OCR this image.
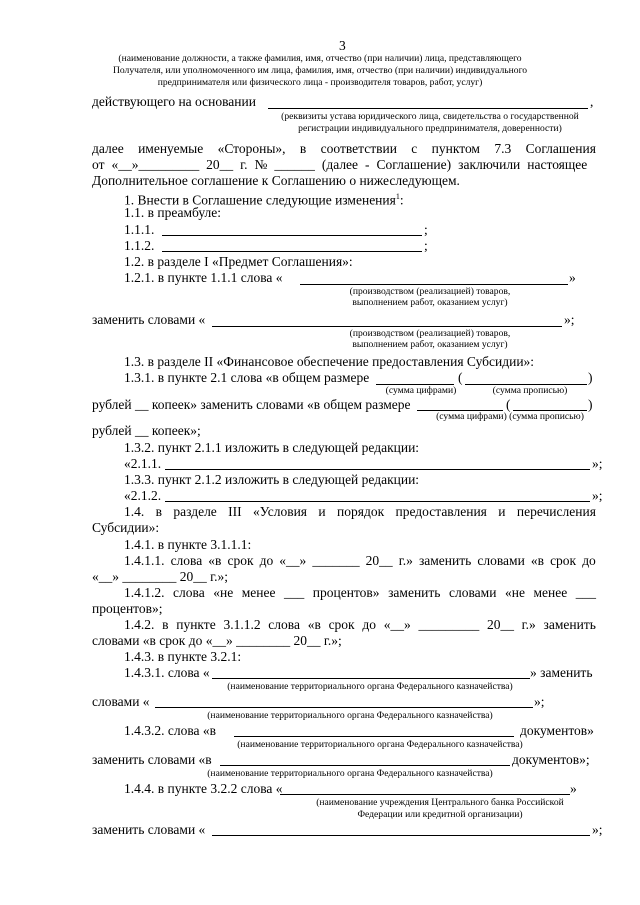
3
(наименование должности, а также фамилия, имя, отчество (при наличии) лица, представляющего
Получателя, или уполномоченного им лица, фамилия, имя, отчество (при наличии) индивидуального
предпринимателя или физического лица - производителя товаров, работ, услуг)
действующего на основании	,
(реквизиты устава юридического лица, свидетельства о государственной
регистрации индивидуального предпринимателя, доверенности)
далее именуемые «Стороны», в соответствии с пунктом 7.3 Соглашения
от «__»_________ 20__ г. № ______ (далее - Соглашение) заключили настоящее
Дополнительное соглашение к Соглашению о нижеследующем.
1. Внести в Соглашение следующие изменения$^1$:
1.1. в преамбуле:
1.1.1.	;
1.1.2.	;
1.2. в разделе I «Предмет Соглашения»:
1.2.1. в пункте 1.1.1 слова «	»
(производством (реализацией) товаров,
выполнением работ, оказанием услуг)
заменить словами «	»;
(производством (реализацией) товаров,
выполнением работ, оказанием услуг)
1.3. в разделе II «Финансовое обеспечение предоставления Субсидии»:
1.3.1. в пункте 2.1 слова «в общем размере	(	)
(сумма цифрами)	(сумма прописью)
рублей __ копеек» заменить словами «в общем размере	(	)
(сумма цифрами) (сумма прописью)
рублей __ копеек»;
1.3.2. пункт 2.1.1 изложить в следующей редакции:
«2.1.1.	»;
1.3.3. пункт 2.1.2 изложить в следующей редакции:
«2.1.2.	»;
1.4. в разделе III «Условия и порядок предоставления и перечисления
Субсидии»:
1.4.1. в пункте 3.1.1.1:
1.4.1.1. слова «в срок до «__» _______ 20__ г.» заменить словами «в срок до
«__» ________ 20__ г.»;
1.4.1.2. слова «не менее ___ процентов» заменить словами «не менее ___
процентов»;
1.4.2. в пункте 3.1.1.2 слова «в срок до «__» _________ 20__ г.» заменить
словами «в срок до «__» ________ 20__ г.»;
1.4.3. в пункте 3.2.1:
1.4.3.1. слова «	» заменить
(наименование территориального органа Федерального казначейства)
словами «	»;
(наименование территориального органа Федерального казначейства)
1.4.3.2. слова «в	документов»
(наименование территориального органа Федерального казначейства)
заменить словами «в	документов»;
(наименование территориального органа Федерального казначейства)
1.4.4. в пункте 3.2.2 слова «	»
(наименование учреждения Центрального банка Российской
Федерации или кредитной организации)
заменить словами «	»;
